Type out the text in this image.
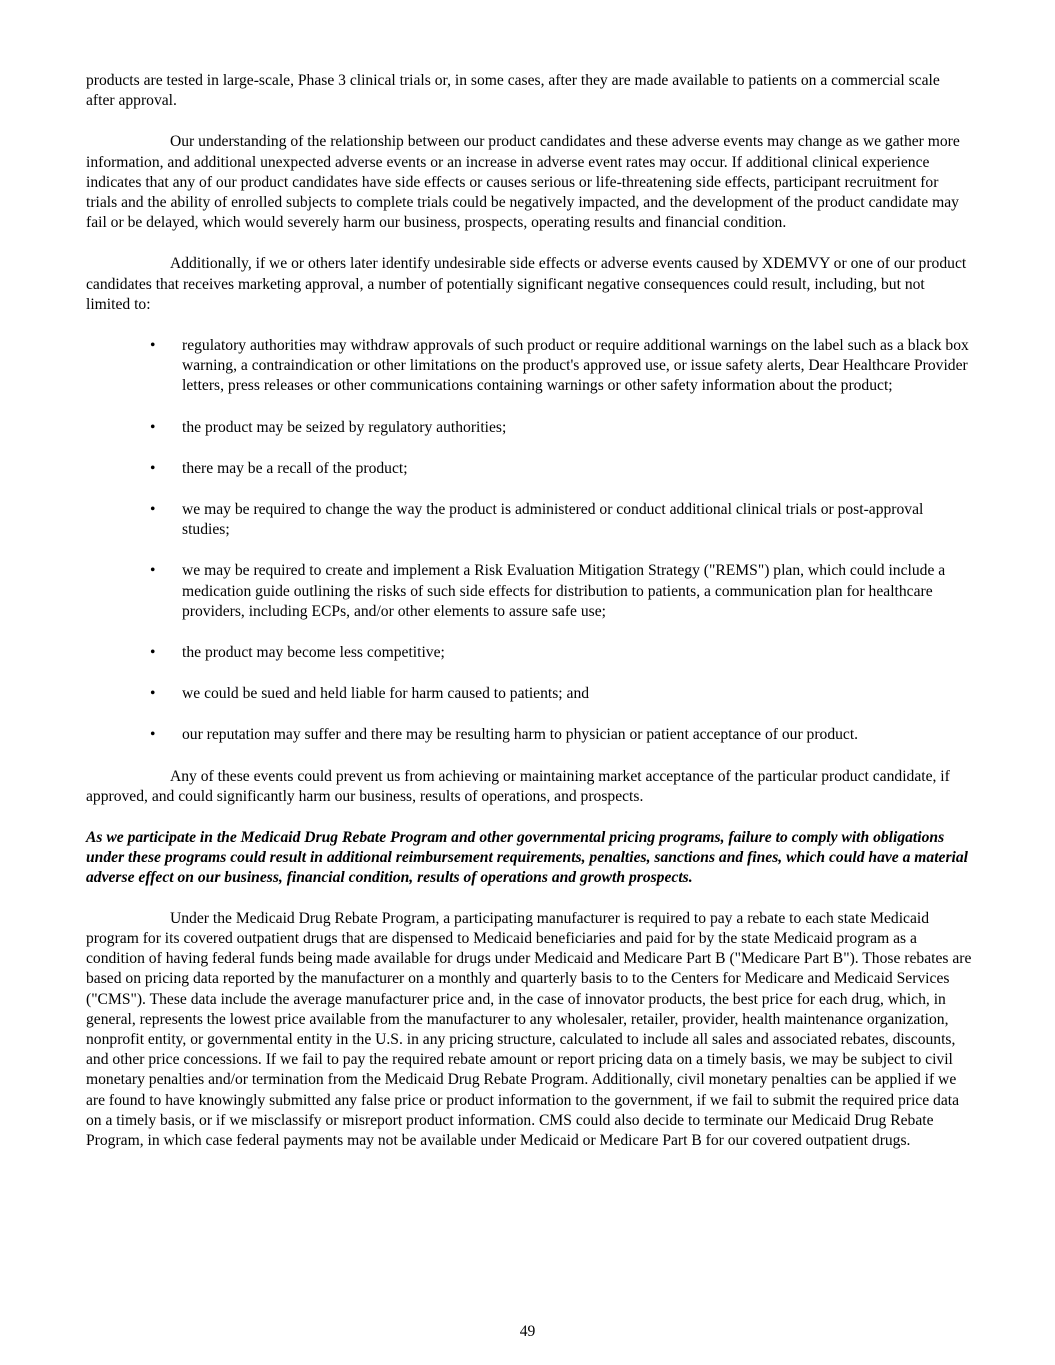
products are tested in large-scale, Phase 3 clinical trials or, in some cases, after they are made available to patients on a commercial scale after approval.

Our understanding of the relationship between our product candidates and these adverse events may change as we gather more information, and additional unexpected adverse events or an increase in adverse event rates may occur. If additional clinical experience indicates that any of our product candidates have side effects or causes serious or life-threatening side effects, participant recruitment for trials and the ability of enrolled subjects to complete trials could be negatively impacted, and the development of the product candidate may fail or be delayed, which would severely harm our business, prospects, operating results and financial condition.

Additionally, if we or others later identify undesirable side effects or adverse events caused by XDEMVY or one of our product candidates that receives marketing approval, a number of potentially significant negative consequences could result, including, but not limited to:

• regulatory authorities may withdraw approvals of such product or require additional warnings on the label such as a black box warning, a contraindication or other limitations on the product's approved use, or issue safety alerts, Dear Healthcare Provider letters, press releases or other communications containing warnings or other safety information about the product;
• the product may be seized by regulatory authorities;
• there may be a recall of the product;
• we may be required to change the way the product is administered or conduct additional clinical trials or post-approval studies;
• we may be required to create and implement a Risk Evaluation Mitigation Strategy ("REMS") plan, which could include a medication guide outlining the risks of such side effects for distribution to patients, a communication plan for healthcare providers, including ECPs, and/or other elements to assure safe use;
• the product may become less competitive;
• we could be sued and held liable for harm caused to patients; and
• our reputation may suffer and there may be resulting harm to physician or patient acceptance of our product.

Any of these events could prevent us from achieving or maintaining market acceptance of the particular product candidate, if approved, and could significantly harm our business, results of operations, and prospects.

As we participate in the Medicaid Drug Rebate Program and other governmental pricing programs, failure to comply with obligations under these programs could result in additional reimbursement requirements, penalties, sanctions and fines, which could have a material adverse effect on our business, financial condition, results of operations and growth prospects.

Under the Medicaid Drug Rebate Program, a participating manufacturer is required to pay a rebate to each state Medicaid program for its covered outpatient drugs that are dispensed to Medicaid beneficiaries and paid for by the state Medicaid program as a condition of having federal funds being made available for drugs under Medicaid and Medicare Part B ("Medicare Part B"). Those rebates are based on pricing data reported by the manufacturer on a monthly and quarterly basis to to the Centers for Medicare and Medicaid Services ("CMS"). These data include the average manufacturer price and, in the case of innovator products, the best price for each drug, which, in general, represents the lowest price available from the manufacturer to any wholesaler, retailer, provider, health maintenance organization, nonprofit entity, or governmental entity in the U.S. in any pricing structure, calculated to include all sales and associated rebates, discounts, and other price concessions. If we fail to pay the required rebate amount or report pricing data on a timely basis, we may be subject to civil monetary penalties and/or termination from the Medicaid Drug Rebate Program. Additionally, civil monetary penalties can be applied if we are found to have knowingly submitted any false price or product information to the government, if we fail to submit the required price data on a timely basis, or if we misclassify or misreport product information. CMS could also decide to terminate our Medicaid Drug Rebate Program, in which case federal payments may not be available under Medicaid or Medicare Part B for our covered outpatient drugs.

49
